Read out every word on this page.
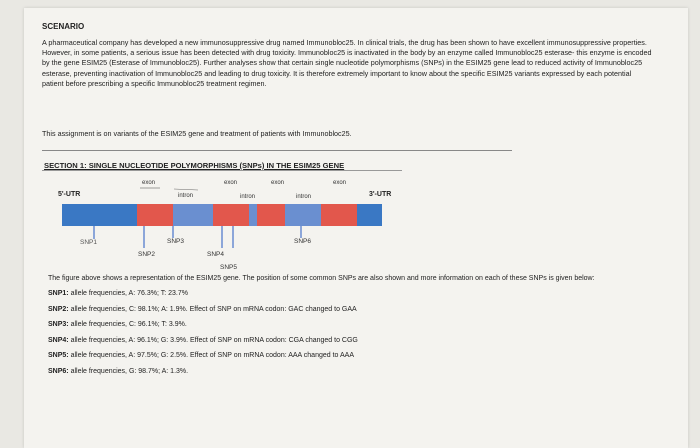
SCENARIO
A pharmaceutical company has developed a new immunosuppressive drug named Immunobloc25. In clinical trials, the drug has been shown to have excellent immunosuppressive properties. However, in some patients, a serious issue has been detected with drug toxicity. Immunobloc25 is inactivated in the body by an enzyme called Immunobloc25 esterase- this enzyme is encoded by the gene ESIM25 (Esterase of Immunobloc25). Further analyses show that certain single nucleotide polymorphisms (SNPs) in the ESIM25 gene lead to reduced activity of Immunobloc25 esterase, preventing inactivation of Immunobloc25 and leading to drug toxicity. It is therefore extremely important to know about the specific ESIM25 variants expressed by each potential patient before prescribing a specific Immunobloc25 treatment regimen.
This assignment is on variants of the ESIM25 gene and treatment of patients with Immunobloc25.
SECTION 1: SINGLE NUCLEOTIDE POLYMORPHISMS (SNPs) IN THE ESIM25 GENE
5'-UTR	3'-UTR
exon	exon	exon	exon
intron	intron	intron
SNP1
SNP2
SNP3
SNP4
SNP5
SNP6
The figure above shows a representation of the ESIM25 gene. The position of some common SNPs are also shown and more information on each of these SNPs is given below:
SNP1: allele frequencies, A: 76.3%; T: 23.7%
SNP2: allele frequencies, C: 98.1%; A: 1.9%. Effect of SNP on mRNA codon: GAC changed to GAA
SNP3: allele frequencies, C: 96.1%; T: 3.9%.
SNP4: allele frequencies, A: 96.1%; G: 3.9%. Effect of SNP on mRNA codon: CGA changed to CGG
SNP5: allele frequencies, A: 97.5%; G: 2.5%. Effect of SNP on mRNA codon: AAA changed to AAA
SNP6: allele frequencies, G: 98.7%; A: 1.3%.
